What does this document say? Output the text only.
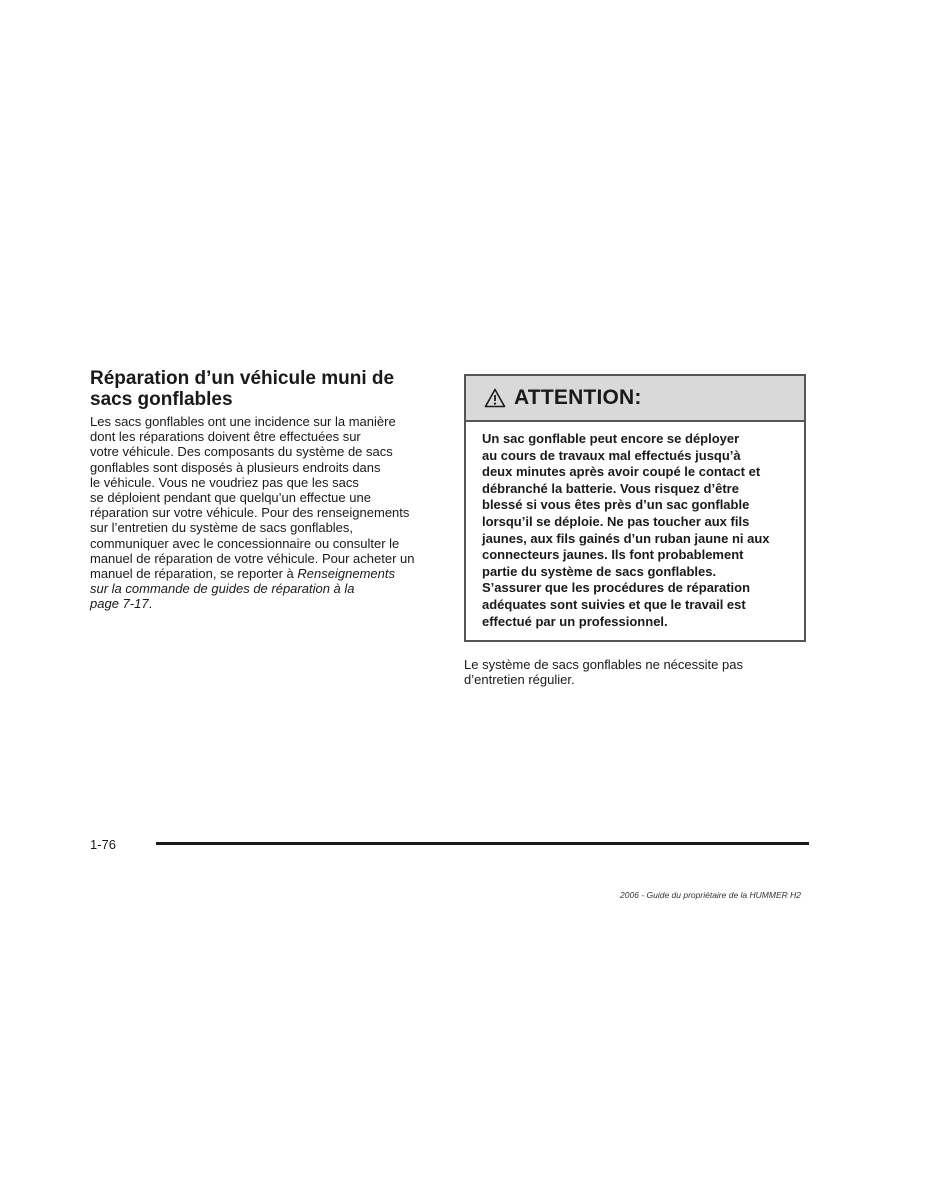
Réparation d’un véhicule muni de
sacs gonflables

Les sacs gonflables ont une incidence sur la manière
dont les réparations doivent être effectuées sur
votre véhicule. Des composants du système de sacs
gonflables sont disposés à plusieurs endroits dans
le véhicule. Vous ne voudriez pas que les sacs
se déploient pendant que quelqu’un effectue une
réparation sur votre véhicule. Pour des renseignements
sur l’entretien du système de sacs gonflables,
communiquer avec le concessionnaire ou consulter le
manuel de réparation de votre véhicule. Pour acheter un
manuel de réparation, se reporter à Renseignements
sur la commande de guides de réparation à la
page 7-17.

ATTENTION:
Un sac gonflable peut encore se déployer
au cours de travaux mal effectués jusqu’à
deux minutes après avoir coupé le contact et
débranché la batterie. Vous risquez d’être
blessé si vous êtes près d’un sac gonflable
lorsqu’il se déploie. Ne pas toucher aux fils
jaunes, aux fils gainés d’un ruban jaune ni aux
connecteurs jaunes. Ils font probablement
partie du système de sacs gonflables.
S’assurer que les procédures de réparation
adéquates sont suivies et que le travail est
effectué par un professionnel.
Le système de sacs gonflables ne nécessite pas
d’entretien régulier.
1-76
2006 - Guide du propriétaire de la HUMMER H2
